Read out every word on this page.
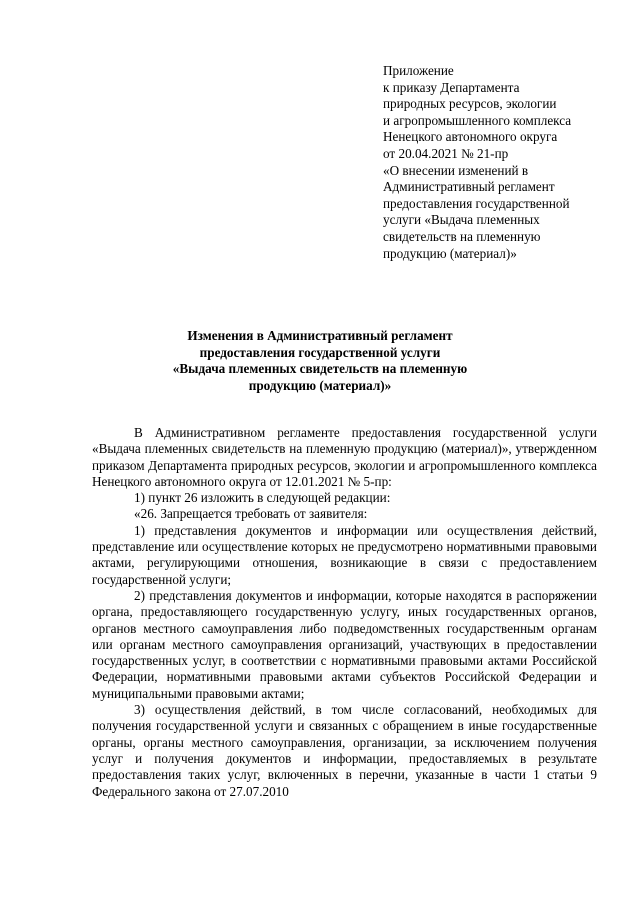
Приложение
к приказу Департамента
природных ресурсов, экологии
и агропромышленного комплекса
Ненецкого автономного округа
от 20.04.2021 № 21-пр
«О внесении изменений в
Административный регламент
предоставления государственной
услуги «Выдача племенных
свидетельств на племенную
продукцию (материал)»
Изменения в Административный регламент
предоставления государственной услуги
«Выдача племенных свидетельств на племенную
продукцию (материал)»

В Административном регламенте предоставления государственной услуги «Выдача племенных свидетельств на племенную продукцию (материал)», утвержденном приказом Департамента природных ресурсов, экологии и агропромышленного комплекса Ненецкого автономного округа от 12.01.2021 № 5-пр:

1) пункт 26 изложить в следующей редакции:

«26. Запрещается требовать от заявителя:

1) представления документов и информации или осуществления действий, представление или осуществление которых не предусмотрено нормативными правовыми актами, регулирующими отношения, возникающие в связи с предоставлением государственной услуги;

2) представления документов и информации, которые находятся в распоряжении органа, предоставляющего государственную услугу, иных государственных органов, органов местного самоуправления либо подведомственных государственным органам или органам местного самоуправления организаций, участвующих в предоставлении государственных услуг, в соответствии с нормативными правовыми актами Российской Федерации, нормативными правовыми актами субъектов Российской Федерации и муниципальными правовыми актами;

3) осуществления действий, в том числе согласований, необходимых для получения государственной услуги и связанных с обращением в иные государственные органы, органы местного самоуправления, организации, за исключением получения услуг и получения документов и информации, предоставляемых в результате предоставления таких услуг, включенных в перечни, указанные в части 1 статьи 9 Федерального закона от 27.07.2010
